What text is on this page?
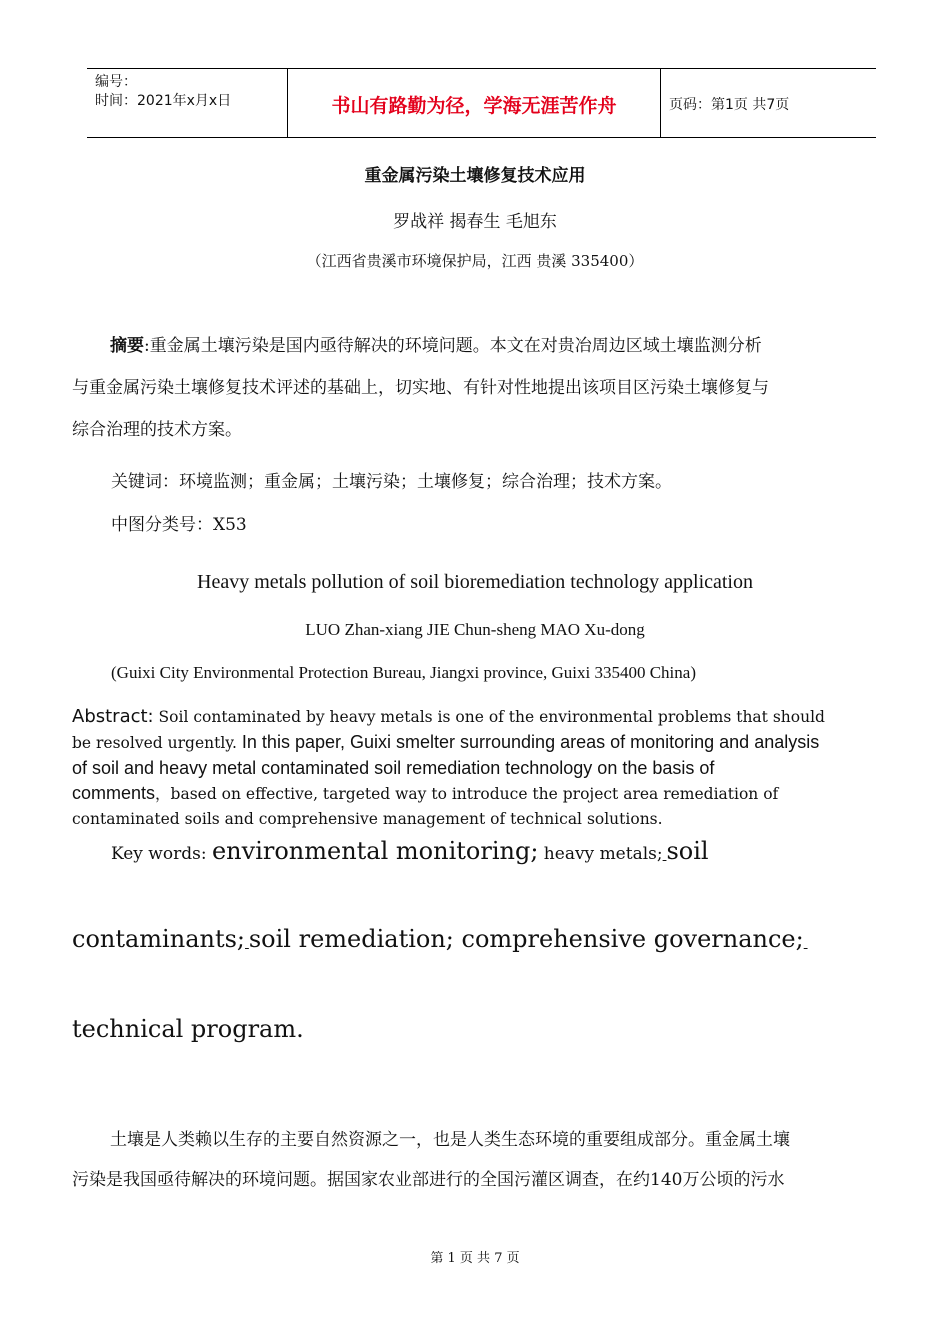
编号：
时间：2021年x月x日	书山有路勤为径，学海无涯苦作舟	页码：第1页 共7页
重金属污染土壤修复技术应用
罗战祥 揭春生 毛旭东
（江西省贵溪市环境保护局，江西 贵溪 335400）
摘要:重金属土壤污染是国内亟待解决的环境问题。本文在对贵冶周边区域土壤监测分析
与重金属污染土壤修复技术评述的基础上，切实地、有针对性地提出该项目区污染土壤修复与
综合治理的技术方案。
关键词：环境监测；重金属；土壤污染；土壤修复；综合治理；技术方案。
中图分类号：X53
Heavy metals pollution of soil bioremediation technology application
LUO Zhan-xiang JIE Chun-sheng MAO Xu-dong
(Guixi City Environmental Protection Bureau, Jiangxi province, Guixi 335400 China)
Abstract: Soil contaminated by heavy metals is one of the environmental problems that should
be resolved urgently. In this paper, Guixi smelter surrounding areas of monitoring and analysis
of soil and heavy metal contaminated soil remediation technology on the basis of
comments，based on effective, targeted way to introduce the project area remediation of
contaminated soils and comprehensive management of technical solutions.
Key words: environmental monitoring; heavy metals; soil
contaminants; soil remediation; comprehensive governance;
technical program.
土壤是人类赖以生存的主要自然资源之一，也是人类生态环境的重要组成部分。重金属土壤
污染是我国亟待解决的环境问题。据国家农业部进行的全国污灌区调查，在约140万公顷的污水
第 1 页 共 7 页
